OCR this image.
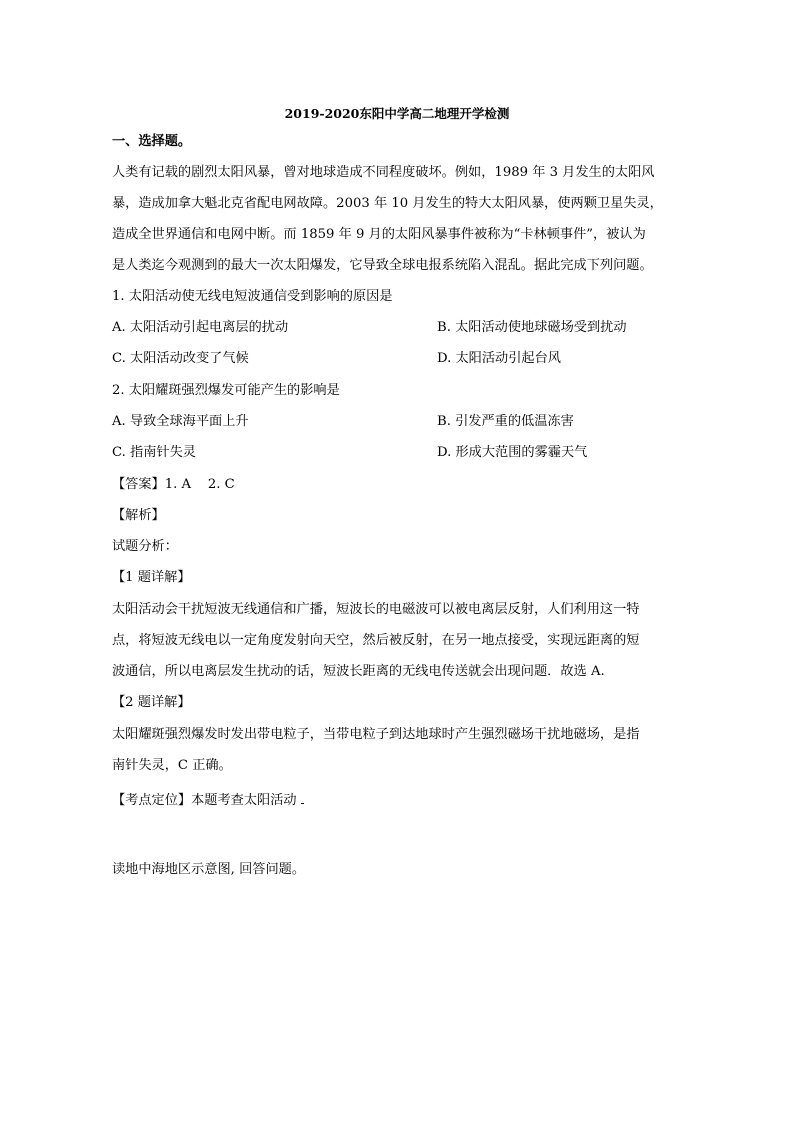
2019-2020东阳中学高二地理开学检测
一、选择题。
人类有记载的剧烈太阳风暴，曾对地球造成不同程度破坏。例如，1989 年 3 月发生的太阳风
暴，造成加拿大魁北克省配电网故障。2003 年 10 月发生的特大太阳风暴，使两颗卫星失灵，
造成全世界通信和电网中断。而 1859 年 9 月的太阳风暴事件被称为“卡林顿事件”，被认为
是人类迄今观测到的最大一次太阳爆发，它导致全球电报系统陷入混乱。据此完成下列问题。
1. 太阳活动使无线电短波通信受到影响的原因是
A. 太阳活动引起电离层的扰动	B. 太阳活动使地球磁场受到扰动
C. 太阳活动改变了气候	D. 太阳活动引起台风
2. 太阳耀斑强烈爆发可能产生的影响是
A. 导致全球海平面上升	B. 引发严重的低温冻害
C. 指南针失灵	D. 形成大范围的雾霾天气
【答案】1. A    2. C
【解析】
试题分析：
【1 题详解】
太阳活动会干扰短波无线通信和广播，短波长的电磁波可以被电离层反射，人们利用这一特
点，将短波无线电以一定角度发射向天空，然后被反射，在另一地点接受，实现远距离的短
波通信，所以电离层发生扰动的话，短波长距离的无线电传送就会出现问题．故选 A.
【2 题详解】
太阳耀斑强烈爆发时发出带电粒子，当带电粒子到达地球时产生强烈磁场干扰地磁场，是指
南针失灵，C 正确。
【考点定位】本题考查太阳活动
读地中海地区示意图, 回答问题。
